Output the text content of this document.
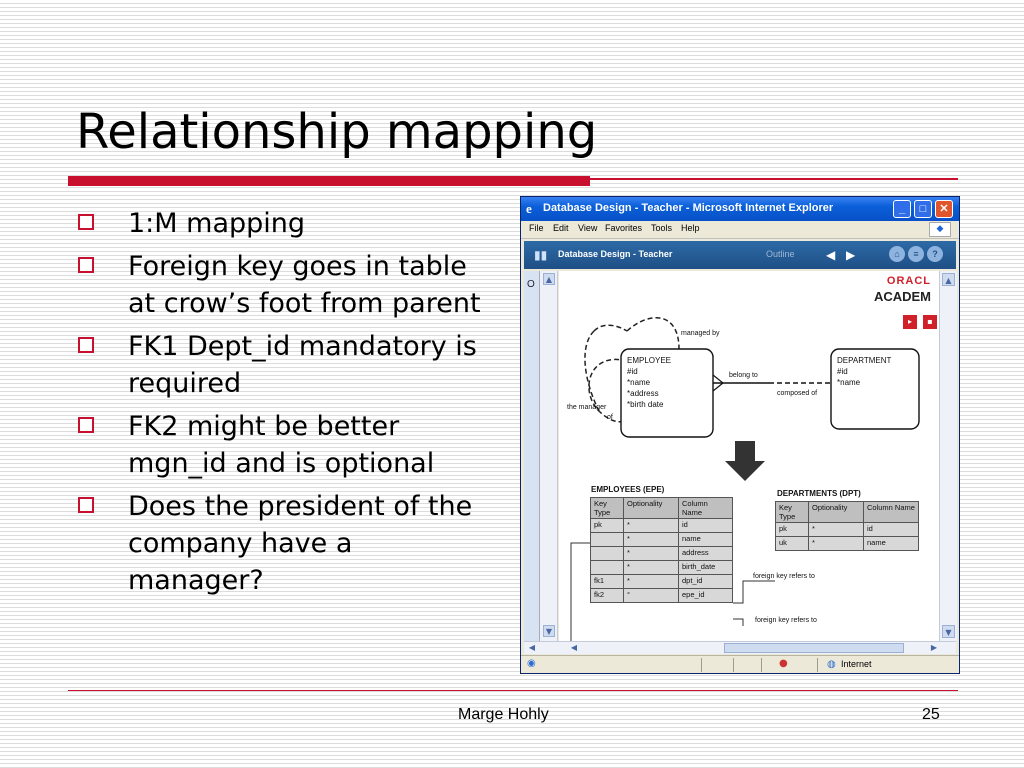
Relationship mapping
1:M mapping
Foreign key goes in table at crow’s foot from parent
FK1 Dept_id mandatory is required
FK2 might be better mgn_id and is optional
Does the president of the company have a manager?
e	Database Design - Teacher - Microsoft Internet Explorer	_	□	✕
File Edit View Favorites Tools Help	◆
▮▮ Database Design - Teacher	Outline	◀ ▶	⌂	≡	?
O	▲
▼
ORACL
ACADEM
▸	▪
EMPLOYEE
#id
*name
*address
*birth date
DEPARTMENT
#id
*name
managed by
belong to
composed of
the manager
of
EMPLOYEES (EPE)
Key Type	Optionality	Column Name
pk	*	id
	*	name
	*	address
	*	birth_date
fk1	*	dpt_id
fk2	°	epe_id
DEPARTMENTS (DPT)
Key Type	Optionality	Column Name
pk	*	id
uk	*	name
foreign key refers to
foreign key refers to
▲
▼
◀	◀	▶
◉	●	◍ Internet
Marge Hohly	25
